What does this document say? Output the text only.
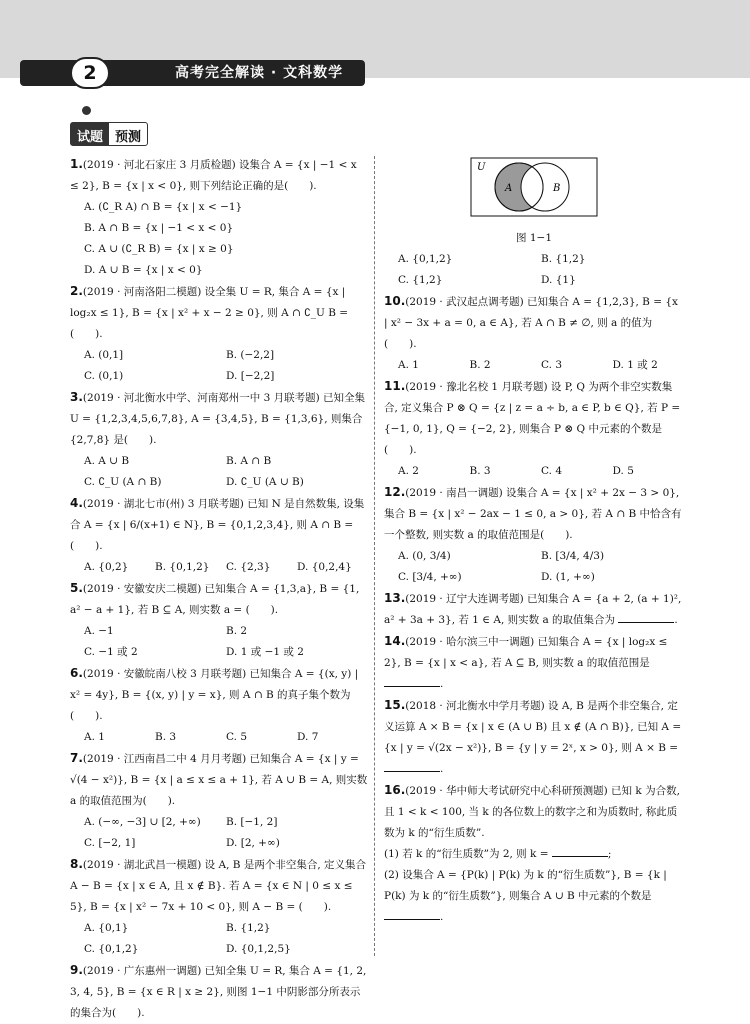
2	高考完全解读 · 文科数学
试题 预测
1.(2019 · 河北石家庄 3 月质检题) 设集合 A = {x | −1 < x ≤ 2}, B = {x | x < 0}, 则下列结论正确的是(　　).
A. (∁_R A) ∩ B = {x | x < −1}
B. A ∩ B = {x | −1 < x < 0}
C. A ∪ (∁_R B) = {x | x ≥ 0}
D. A ∪ B = {x | x < 0}
2.(2019 · 河南洛阳二模题) 设全集 U = R, 集合 A = {x | log₂x ≤ 1}, B = {x | x² + x − 2 ≥ 0}, 则 A ∩ ∁_U B = (　　).
A. (0,1]	B. (−2,2]
C. (0,1)	D. [−2,2]
3.(2019 · 河北衡水中学、河南郑州一中 3 月联考题) 已知全集 U = {1,2,3,4,5,6,7,8}, A = {3,4,5}, B = {1,3,6}, 则集合 {2,7,8} 是(　　).
A. A ∪ B	B. A ∩ B
C. ∁_U (A ∩ B)	D. ∁_U (A ∪ B)
4.(2019 · 湖北七市(州) 3 月联考题) 已知 N 是自然数集, 设集合 A = {x | 6/(x+1) ∈ N}, B = {0,1,2,3,4}, 则 A ∩ B = (　　).
A. {0,2}	B. {0,1,2}	C. {2,3}	D. {0,2,4}
5.(2019 · 安徽安庆二模题) 已知集合 A = {1,3,a}, B = {1, a² − a + 1}, 若 B ⊆ A, 则实数 a = (　　).
A. −1	B. 2
C. −1 或 2	D. 1 或 −1 或 2
6.(2019 · 安徽皖南八校 3 月联考题) 已知集合 A = {(x, y) | x² = 4y}, B = {(x, y) | y = x}, 则 A ∩ B 的真子集个数为(　　).
A. 1	B. 3	C. 5	D. 7
7.(2019 · 江西南昌二中 4 月月考题) 已知集合 A = {x | y = √(4 − x²)}, B = {x | a ≤ x ≤ a + 1}, 若 A ∪ B = A, 则实数 a 的取值范围为(　　).
A. (−∞, −3] ∪ [2, +∞)	B. [−1, 2]
C. [−2, 1]	D. [2, +∞)
8.(2019 · 湖北武昌一模题) 设 A, B 是两个非空集合, 定义集合 A − B = {x | x ∈ A, 且 x ∉ B}. 若 A = {x ∈ N | 0 ≤ x ≤ 5}, B = {x | x² − 7x + 10 < 0}, 则 A − B = (　　).
A. {0,1}	B. {1,2}
C. {0,1,2}	D. {0,1,2,5}
9.(2019 · 广东惠州一调题) 已知全集 U = R, 集合 A = {1, 2, 3, 4, 5}, B = {x ∈ R | x ≥ 2}, 则图 1−1 中阴影部分所表示的集合为(　　).
U
A	B
图 1−1
A. {0,1,2}	B. {1,2}
C. {1,2}	D. {1}
10.(2019 · 武汉起点调考题) 已知集合 A = {1,2,3}, B = {x | x² − 3x + a = 0, a ∈ A}, 若 A ∩ B ≠ ∅, 则 a 的值为(　　).
A. 1	B. 2	C. 3	D. 1 或 2
11.(2019 · 豫北名校 1 月联考题) 设 P, Q 为两个非空实数集合, 定义集合 P ⊗ Q = {z | z = a ÷ b, a ∈ P, b ∈ Q}, 若 P = {−1, 0, 1}, Q = {−2, 2}, 则集合 P ⊗ Q 中元素的个数是(　　).
A. 2	B. 3	C. 4	D. 5
12.(2019 · 南昌一调题) 设集合 A = {x | x² + 2x − 3 > 0}, 集合 B = {x | x² − 2ax − 1 ≤ 0, a > 0}, 若 A ∩ B 中恰含有一个整数, 则实数 a 的取值范围是(　　).
A. (0, 3/4)	B. [3/4, 4/3)
C. [3/4, +∞)	D. (1, +∞)
13.(2019 · 辽宁大连调考题) 已知集合 A = {a + 2, (a + 1)², a² + 3a + 3}, 若 1 ∈ A, 则实数 a 的取值集合为	.
14.(2019 · 哈尔滨三中一调题) 已知集合 A = {x | log₂x ≤ 2}, B = {x | x < a}, 若 A ⊆ B, 则实数 a 的取值范围是 .
15.(2018 · 河北衡水中学月考题) 设 A, B 是两个非空集合, 定义运算 A × B = {x | x ∈ (A ∪ B) 且 x ∉ (A ∩ B)}, 已知 A = {x | y = √(2x − x²)}, B = {y | y = 2ˣ, x > 0}, 则 A × B = .
16.(2019 · 华中师大考试研究中心科研预测题) 已知 k 为合数, 且 1 < k < 100, 当 k 的各位数上的数字之和为质数时, 称此质数为 k 的“衍生质数”.
(1) 若 k 的“衍生质数”为 2, 则 k =	;
(2) 设集合 A = {P(k) | P(k) 为 k 的“衍生质数”}, B = {k | P(k) 为 k 的“衍生质数”}, 则集合 A ∪ B 中元素的个数是 .
